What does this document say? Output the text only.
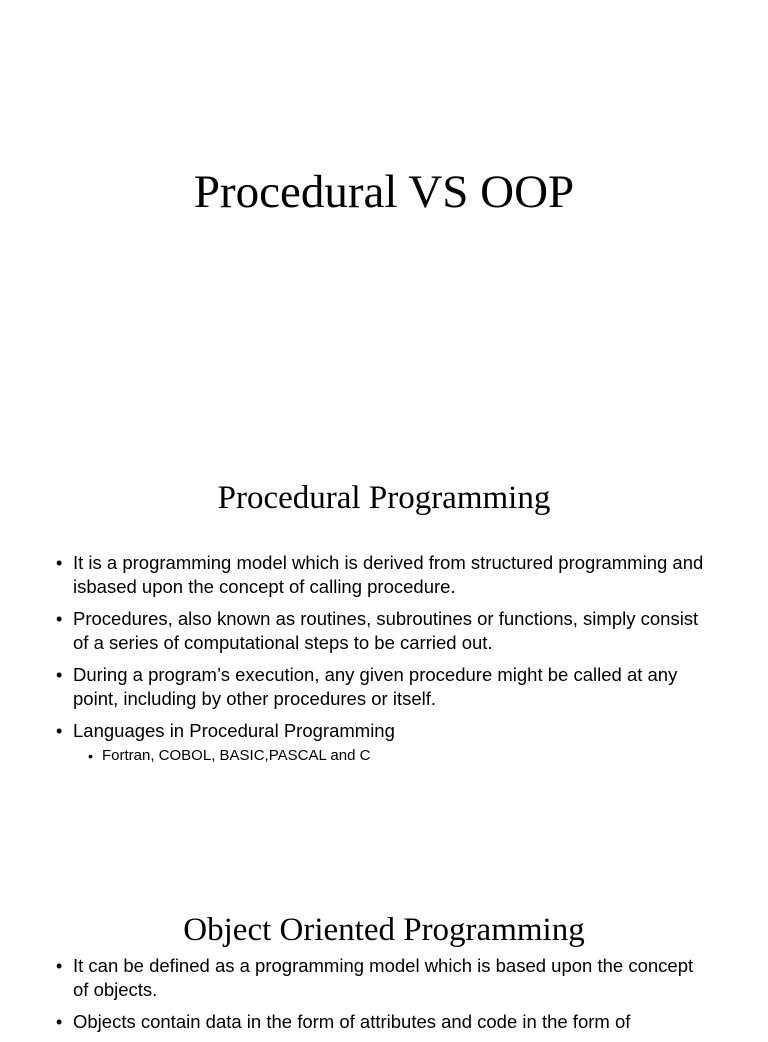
Procedural VS OOP
Procedural Programming
• It is a programming model which is derived from structured programming and isbased upon the concept of calling procedure.
• Procedures, also known as routines, subroutines or functions, simply consist of a series of computational steps to be carried out.
• During a program’s execution, any given procedure might be called at any point, including by other procedures or itself.
• Languages in Procedural Programming
• Fortran, COBOL, BASIC,PASCAL and C
Object Oriented Programming
• It can be defined as a programming model which is based upon the concept of objects.
• Objects contain data in the form of attributes and code in the form of
